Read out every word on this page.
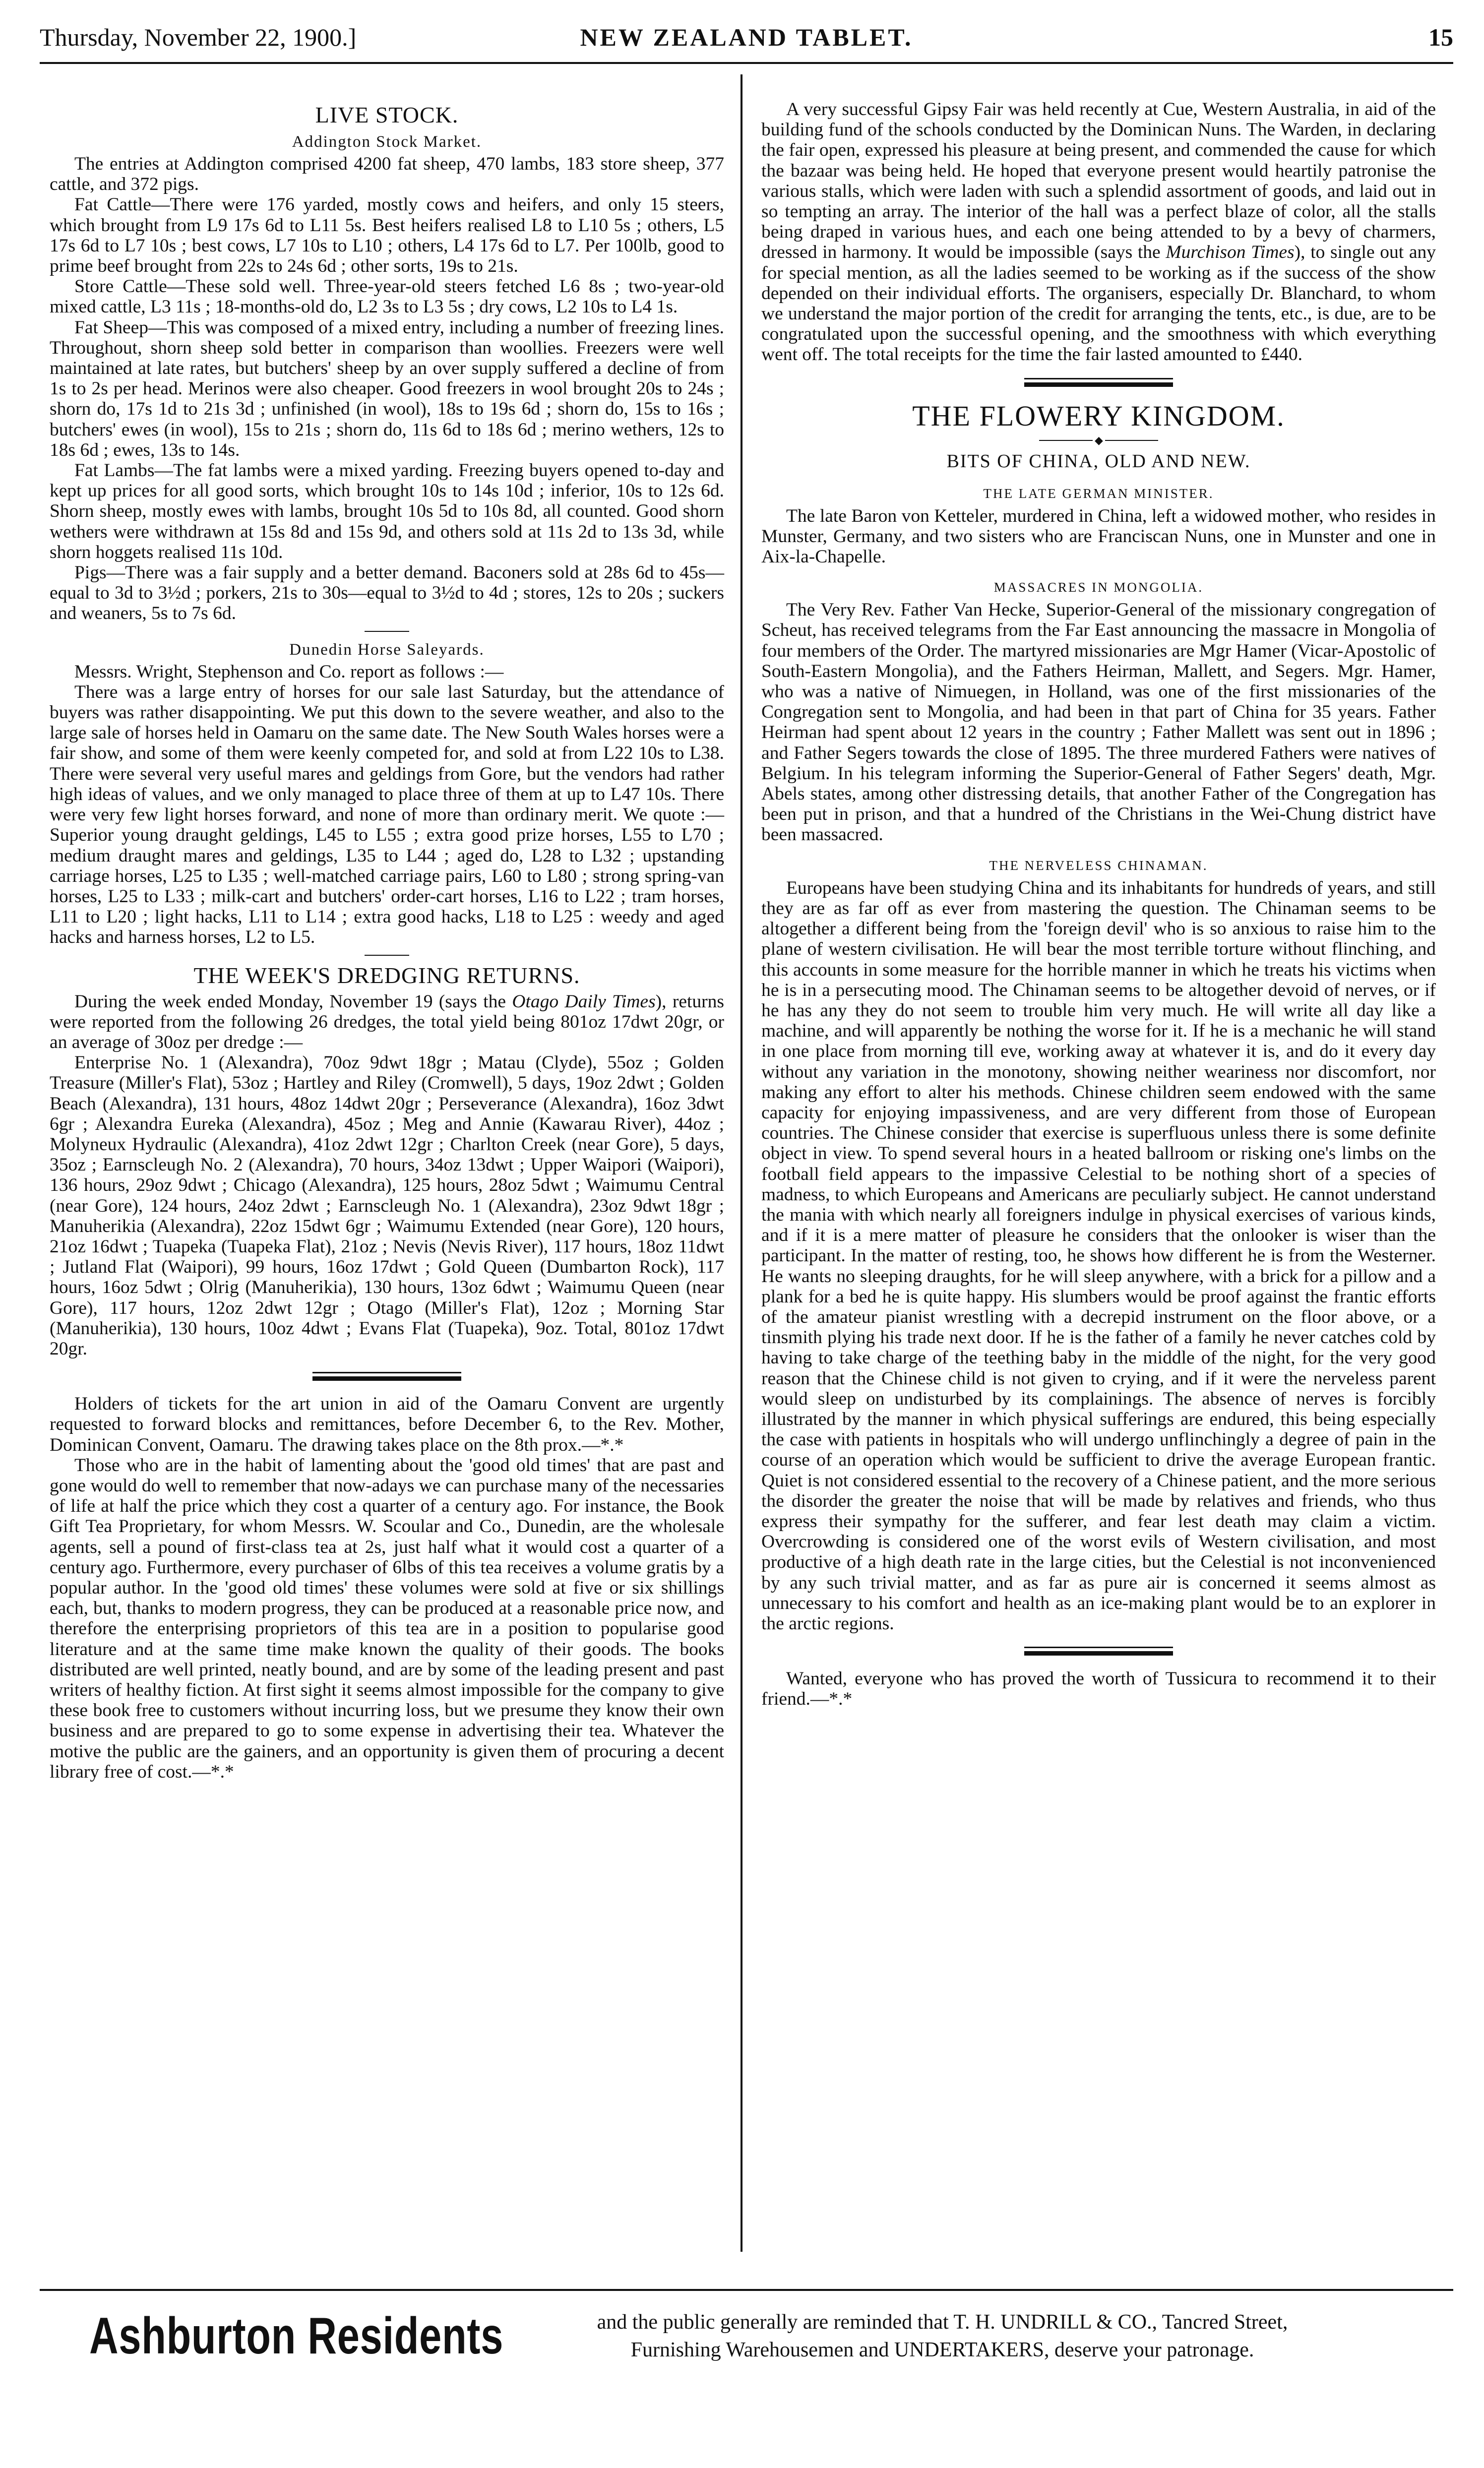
Thursday, November 22, 1900.]	NEW ZEALAND TABLET.	15
LIVE STOCK.
Addington Stock Market.

The entries at Addington comprised 4200 fat sheep, 470 lambs, 183 store sheep, 377 cattle, and 372 pigs.

Fat Cattle—There were 176 yarded, mostly cows and heifers, and only 15 steers, which brought from L9 17s 6d to L11 5s. Best heifers realised L8 to L10 5s ; others, L5 17s 6d to L7 10s ; best cows, L7 10s to L10 ; others, L4 17s 6d to L7. Per 100lb, good to prime beef brought from 22s to 24s 6d ; other sorts, 19s to 21s.

Store Cattle—These sold well. Three-year-old steers fetched L6 8s ; two-year-old mixed cattle, L3 11s ; 18-months-old do, L2 3s to L3 5s ; dry cows, L2 10s to L4 1s.

Fat Sheep—This was composed of a mixed entry, including a number of freezing lines. Throughout, shorn sheep sold better in comparison than woollies. Freezers were well maintained at late rates, but butchers' sheep by an over supply suffered a decline of from 1s to 2s per head. Merinos were also cheaper. Good freezers in wool brought 20s to 24s ; shorn do, 17s 1d to 21s 3d ; unfinished (in wool), 18s to 19s 6d ; shorn do, 15s to 16s ; butchers' ewes (in wool), 15s to 21s ; shorn do, 11s 6d to 18s 6d ; merino wethers, 12s to 18s 6d ; ewes, 13s to 14s.

Fat Lambs—The fat lambs were a mixed yarding. Freezing buyers opened to-day and kept up prices for all good sorts, which brought 10s to 14s 10d ; inferior, 10s to 12s 6d. Shorn sheep, mostly ewes with lambs, brought 10s 5d to 10s 8d, all counted. Good shorn wethers were withdrawn at 15s 8d and 15s 9d, and others sold at 11s 2d to 13s 3d, while shorn hoggets realised 11s 10d.

Pigs—There was a fair supply and a better demand. Baconers sold at 28s 6d to 45s—equal to 3d to 3½d ; porkers, 21s to 30s—equal to 3½d to 4d ; stores, 12s to 20s ; suckers and weaners, 5s to 7s 6d.

Dunedin Horse Saleyards.

Messrs. Wright, Stephenson and Co. report as follows :—

There was a large entry of horses for our sale last Saturday, but the attendance of buyers was rather disappointing. We put this down to the severe weather, and also to the large sale of horses held in Oamaru on the same date. The New South Wales horses were a fair show, and some of them were keenly competed for, and sold at from L22 10s to L38. There were several very useful mares and geldings from Gore, but the vendors had rather high ideas of values, and we only managed to place three of them at up to L47 10s. There were very few light horses forward, and none of more than ordinary merit. We quote :—Superior young draught geldings, L45 to L55 ; extra good prize horses, L55 to L70 ; medium draught mares and geldings, L35 to L44 ; aged do, L28 to L32 ; upstanding carriage horses, L25 to L35 ; well-matched carriage pairs, L60 to L80 ; strong spring-van horses, L25 to L33 ; milk-cart and butchers' order-cart horses, L16 to L22 ; tram horses, L11 to L20 ; light hacks, L11 to L14 ; extra good hacks, L18 to L25 : weedy and aged hacks and harness horses, L2 to L5.

THE WEEK'S DREDGING RETURNS.

During the week ended Monday, November 19 (says the Otago Daily Times), returns were reported from the following 26 dredges, the total yield being 801oz 17dwt 20gr, or an average of 30oz per dredge :—

Enterprise No. 1 (Alexandra), 70oz 9dwt 18gr ; Matau (Clyde), 55oz ; Golden Treasure (Miller's Flat), 53oz ; Hartley and Riley (Cromwell), 5 days, 19oz 2dwt ; Golden Beach (Alexandra), 131 hours, 48oz 14dwt 20gr ; Perseverance (Alexandra), 16oz 3dwt 6gr ; Alexandra Eureka (Alexandra), 45oz ; Meg and Annie (Kawarau River), 44oz ; Molyneux Hydraulic (Alexandra), 41oz 2dwt 12gr ; Charlton Creek (near Gore), 5 days, 35oz ; Earnscleugh No. 2 (Alexandra), 70 hours, 34oz 13dwt ; Upper Waipori (Waipori), 136 hours, 29oz 9dwt ; Chicago (Alexandra), 125 hours, 28oz 5dwt ; Waimumu Central (near Gore), 124 hours, 24oz 2dwt ; Earnscleugh No. 1 (Alexandra), 23oz 9dwt 18gr ; Manuherikia (Alexandra), 22oz 15dwt 6gr ; Waimumu Extended (near Gore), 120 hours, 21oz 16dwt ; Tuapeka (Tuapeka Flat), 21oz ; Nevis (Nevis River), 117 hours, 18oz 11dwt ; Jutland Flat (Waipori), 99 hours, 16oz 17dwt ; Gold Queen (Dumbarton Rock), 117 hours, 16oz 5dwt ; Olrig (Manuherikia), 130 hours, 13oz 6dwt ; Waimumu Queen (near Gore), 117 hours, 12oz 2dwt 12gr ; Otago (Miller's Flat), 12oz ; Morning Star (Manuherikia), 130 hours, 10oz 4dwt ; Evans Flat (Tuapeka), 9oz. Total, 801oz 17dwt 20gr.

Holders of tickets for the art union in aid of the Oamaru Convent are urgently requested to forward blocks and remittances, before December 6, to the Rev. Mother, Dominican Convent, Oamaru. The drawing takes place on the 8th prox.—*.*

Those who are in the habit of lamenting about the 'good old times' that are past and gone would do well to remember that now-adays we can purchase many of the necessaries of life at half the price which they cost a quarter of a century ago. For instance, the Book Gift Tea Proprietary, for whom Messrs. W. Scoular and Co., Dunedin, are the wholesale agents, sell a pound of first-class tea at 2s, just half what it would cost a quarter of a century ago. Furthermore, every purchaser of 6lbs of this tea receives a volume gratis by a popular author. In the 'good old times' these volumes were sold at five or six shillings each, but, thanks to modern progress, they can be produced at a reasonable price now, and therefore the enterprising proprietors of this tea are in a position to popularise good literature and at the same time make known the quality of their goods. The books distributed are well printed, neatly bound, and are by some of the leading present and past writers of healthy fiction. At first sight it seems almost impossible for the company to give these book free to customers without incurring loss, but we presume they know their own business and are prepared to go to some expense in advertising their tea. Whatever the motive the public are the gainers, and an opportunity is given them of procuring a decent library free of cost.—*.*

A very successful Gipsy Fair was held recently at Cue, Western Australia, in aid of the building fund of the schools conducted by the Dominican Nuns. The Warden, in declaring the fair open, expressed his pleasure at being present, and commended the cause for which the bazaar was being held. He hoped that everyone present would heartily patronise the various stalls, which were laden with such a splendid assortment of goods, and laid out in so tempting an array. The interior of the hall was a perfect blaze of color, all the stalls being draped in various hues, and each one being attended to by a bevy of charmers, dressed in harmony. It would be impossible (says the Murchison Times), to single out any for special mention, as all the ladies seemed to be working as if the success of the show depended on their individual efforts. The organisers, especially Dr. Blanchard, to whom we understand the major portion of the credit for arranging the tents, etc., is due, are to be congratulated upon the successful opening, and the smoothness with which everything went off. The total receipts for the time the fair lasted amounted to £440.

THE FLOWERY KINGDOM.
◆
BITS OF CHINA, OLD AND NEW.
THE LATE GERMAN MINISTER.

The late Baron von Ketteler, murdered in China, left a widowed mother, who resides in Munster, Germany, and two sisters who are Franciscan Nuns, one in Munster and one in Aix-la-Chapelle.

MASSACRES IN MONGOLIA.

The Very Rev. Father Van Hecke, Superior-General of the missionary congregation of Scheut, has received telegrams from the Far East announcing the massacre in Mongolia of four members of the Order. The martyred missionaries are Mgr Hamer (Vicar-Apostolic of South-Eastern Mongolia), and the Fathers Heirman, Mallett, and Segers. Mgr. Hamer, who was a native of Nimuegen, in Holland, was one of the first missionaries of the Congregation sent to Mongolia, and had been in that part of China for 35 years. Father Heirman had spent about 12 years in the country ; Father Mallett was sent out in 1896 ; and Father Segers towards the close of 1895. The three murdered Fathers were natives of Belgium. In his telegram informing the Superior-General of Father Segers' death, Mgr. Abels states, among other distressing details, that another Father of the Congregation has been put in prison, and that a hundred of the Christians in the Wei-Chung district have been massacred.

THE NERVELESS CHINAMAN.

Europeans have been studying China and its inhabitants for hundreds of years, and still they are as far off as ever from mastering the question. The Chinaman seems to be altogether a different being from the 'foreign devil' who is so anxious to raise him to the plane of western civilisation. He will bear the most terrible torture without flinching, and this accounts in some measure for the horrible manner in which he treats his victims when he is in a persecuting mood. The Chinaman seems to be altogether devoid of nerves, or if he has any they do not seem to trouble him very much. He will write all day like a machine, and will apparently be nothing the worse for it. If he is a mechanic he will stand in one place from morning till eve, working away at whatever it is, and do it every day without any variation in the monotony, showing neither weariness nor discomfort, nor making any effort to alter his methods. Chinese children seem endowed with the same capacity for enjoying impassiveness, and are very different from those of European countries. The Chinese consider that exercise is superfluous unless there is some definite object in view. To spend several hours in a heated ballroom or risking one's limbs on the football field appears to the impassive Celestial to be nothing short of a species of madness, to which Europeans and Americans are peculiarly subject. He cannot understand the mania with which nearly all foreigners indulge in physical exercises of various kinds, and if it is a mere matter of pleasure he considers that the onlooker is wiser than the participant. In the matter of resting, too, he shows how different he is from the Westerner. He wants no sleeping draughts, for he will sleep anywhere, with a brick for a pillow and a plank for a bed he is quite happy. His slumbers would be proof against the frantic efforts of the amateur pianist wrestling with a decrepid instrument on the floor above, or a tinsmith plying his trade next door. If he is the father of a family he never catches cold by having to take charge of the teething baby in the middle of the night, for the very good reason that the Chinese child is not given to crying, and if it were the nerveless parent would sleep on undisturbed by its complainings. The absence of nerves is forcibly illustrated by the manner in which physical sufferings are endured, this being especially the case with patients in hospitals who will undergo unflinchingly a degree of pain in the course of an operation which would be sufficient to drive the average European frantic. Quiet is not considered essential to the recovery of a Chinese patient, and the more serious the disorder the greater the noise that will be made by relatives and friends, who thus express their sympathy for the sufferer, and fear lest death may claim a victim. Overcrowding is considered one of the worst evils of Western civilisation, and most productive of a high death rate in the large cities, but the Celestial is not inconvenienced by any such trivial matter, and as far as pure air is concerned it seems almost as unnecessary to his comfort and health as an ice-making plant would be to an explorer in the arctic regions.

Wanted, everyone who has proved the worth of Tussicura to recommend it to their friend.—*.*

Ashburton Residents	and the public generally are reminded that T. H. UNDRILL & CO., Tancred Street,
Furnishing Warehousemen and UNDERTAKERS, deserve your patronage.
